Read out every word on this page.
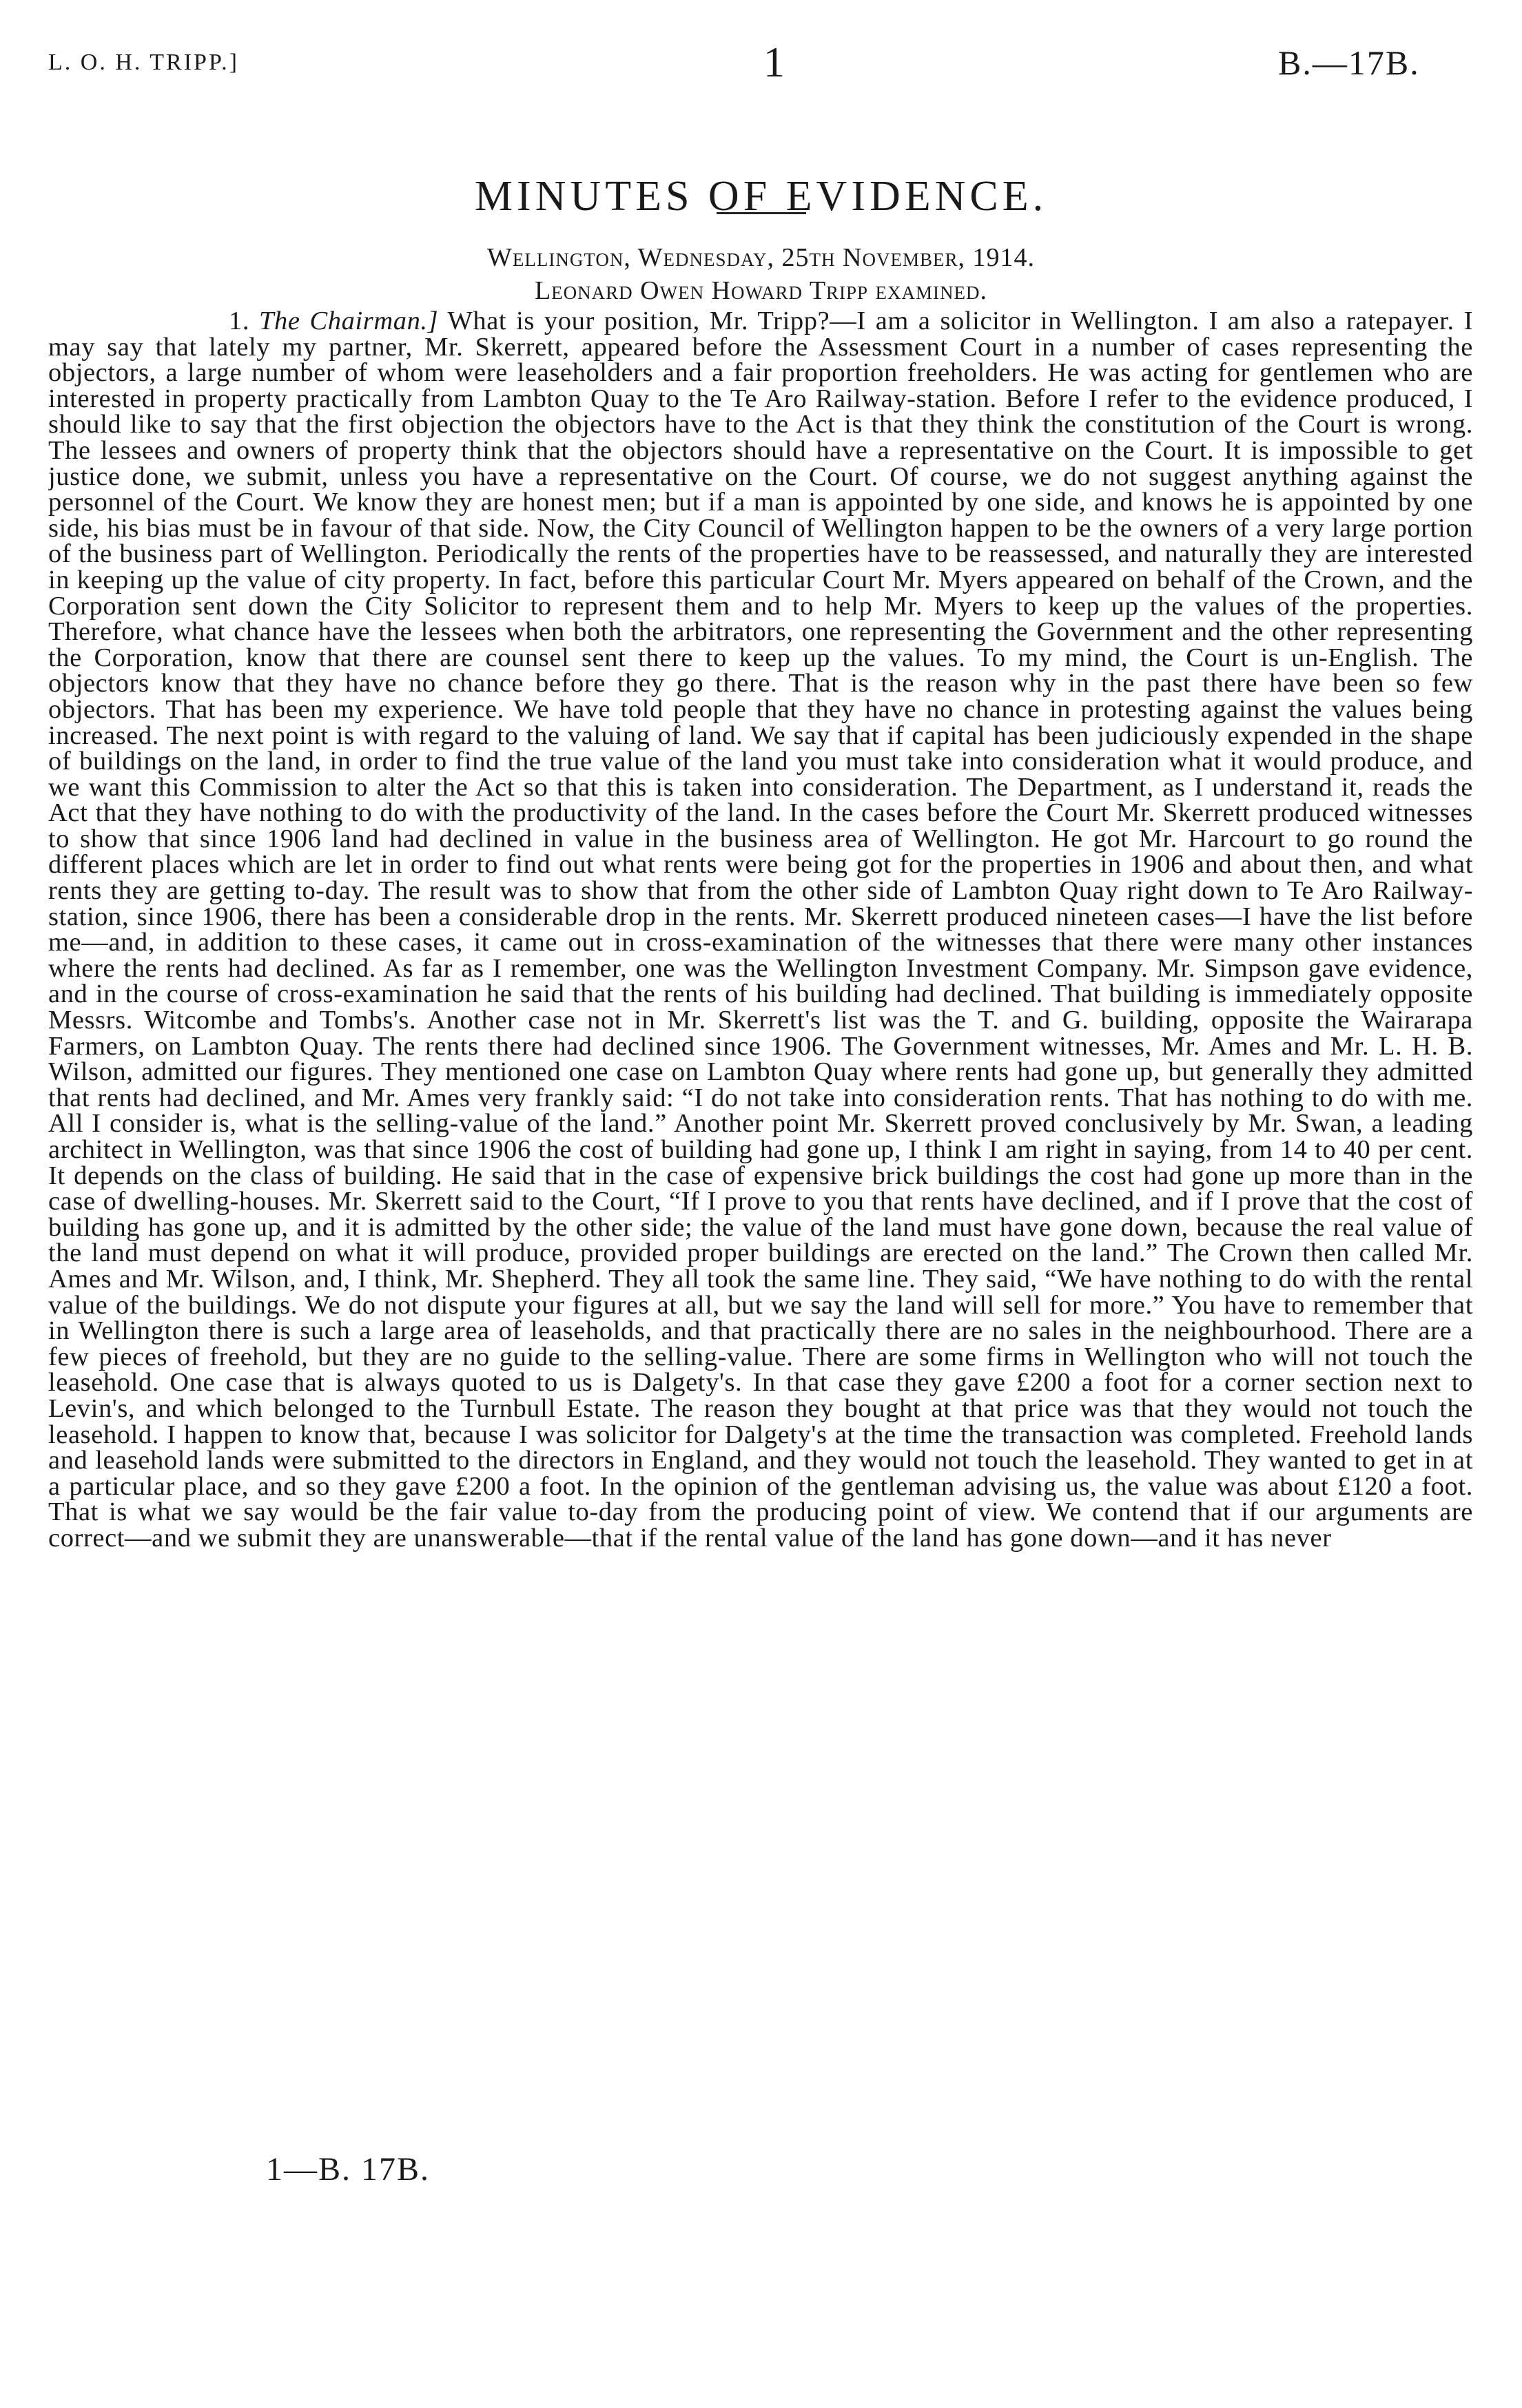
L. O. H. TRIPP.]	1	B.—17B.
MINUTES OF EVIDENCE.
Wellington, Wednesday, 25th November, 1914.
Leonard Owen Howard Tripp examined.

1. The Chairman.] What is your position, Mr. Tripp?—I am a solicitor in Wellington. I am also a ratepayer. I may say that lately my partner, Mr. Skerrett, appeared before the Assessment Court in a number of cases representing the objectors, a large number of whom were leaseholders and a fair proportion freeholders. He was acting for gentlemen who are interested in property practically from Lambton Quay to the Te Aro Railway-station. Before I refer to the evidence produced, I should like to say that the first objection the objectors have to the Act is that they think the constitution of the Court is wrong. The lessees and owners of property think that the objectors should have a representative on the Court. It is impossible to get justice done, we submit, unless you have a representative on the Court. Of course, we do not suggest anything against the personnel of the Court. We know they are honest men; but if a man is appointed by one side, and knows he is appointed by one side, his bias must be in favour of that side. Now, the City Council of Wellington happen to be the owners of a very large portion of the business part of Wellington. Periodically the rents of the properties have to be reassessed, and naturally they are interested in keeping up the value of city property. In fact, before this particular Court Mr. Myers appeared on behalf of the Crown, and the Corporation sent down the City Solicitor to represent them and to help Mr. Myers to keep up the values of the properties. Therefore, what chance have the lessees when both the arbitrators, one representing the Government and the other representing the Corporation, know that there are counsel sent there to keep up the values. To my mind, the Court is un-English. The objectors know that they have no chance before they go there. That is the reason why in the past there have been so few objectors. That has been my experience. We have told people that they have no chance in protesting against the values being increased. The next point is with regard to the valuing of land. We say that if capital has been judiciously expended in the shape of buildings on the land, in order to find the true value of the land you must take into consideration what it would produce, and we want this Commission to alter the Act so that this is taken into consideration. The Department, as I understand it, reads the Act that they have nothing to do with the productivity of the land. In the cases before the Court Mr. Skerrett produced witnesses to show that since 1906 land had declined in value in the business area of Wellington. He got Mr. Harcourt to go round the different places which are let in order to find out what rents were being got for the properties in 1906 and about then, and what rents they are getting to-day. The result was to show that from the other side of Lambton Quay right down to Te Aro Railway-station, since 1906, there has been a considerable drop in the rents. Mr. Skerrett produced nineteen cases—I have the list before me—and, in addition to these cases, it came out in cross-examination of the witnesses that there were many other instances where the rents had declined. As far as I remember, one was the Wellington Investment Company. Mr. Simpson gave evidence, and in the course of cross-examination he said that the rents of his building had declined. That building is immediately opposite Messrs. Witcombe and Tombs's. Another case not in Mr. Skerrett's list was the T. and G. building, opposite the Wairarapa Farmers, on Lambton Quay. The rents there had declined since 1906. The Government witnesses, Mr. Ames and Mr. L. H. B. Wilson, admitted our figures. They mentioned one case on Lambton Quay where rents had gone up, but generally they admitted that rents had declined, and Mr. Ames very frankly said: “I do not take into consideration rents. That has nothing to do with me. All I consider is, what is the selling-value of the land.” Another point Mr. Skerrett proved conclusively by Mr. Swan, a leading architect in Wellington, was that since 1906 the cost of building had gone up, I think I am right in saying, from 14 to 40 per cent. It depends on the class of building. He said that in the case of expensive brick buildings the cost had gone up more than in the case of dwelling-houses. Mr. Skerrett said to the Court, “If I prove to you that rents have declined, and if I prove that the cost of building has gone up, and it is admitted by the other side; the value of the land must have gone down, because the real value of the land must depend on what it will produce, provided proper buildings are erected on the land.” The Crown then called Mr. Ames and Mr. Wilson, and, I think, Mr. Shepherd. They all took the same line. They said, “We have nothing to do with the rental value of the buildings. We do not dispute your figures at all, but we say the land will sell for more.” You have to remember that in Wellington there is such a large area of leaseholds, and that practically there are no sales in the neighbourhood. There are a few pieces of freehold, but they are no guide to the selling-value. There are some firms in Wellington who will not touch the leasehold. One case that is always quoted to us is Dalgety's. In that case they gave £200 a foot for a corner section next to Levin's, and which belonged to the Turnbull Estate. The reason they bought at that price was that they would not touch the leasehold. I happen to know that, because I was solicitor for Dalgety's at the time the transaction was completed. Freehold lands and leasehold lands were submitted to the directors in England, and they would not touch the leasehold. They wanted to get in at a particular place, and so they gave £200 a foot. In the opinion of the gentleman advising us, the value was about £120 a foot. That is what we say would be the fair value to-day from the producing point of view. We contend that if our arguments are correct—and we submit they are unanswerable—that if the rental value of the land has gone down—and it has never

1—B. 17B.
